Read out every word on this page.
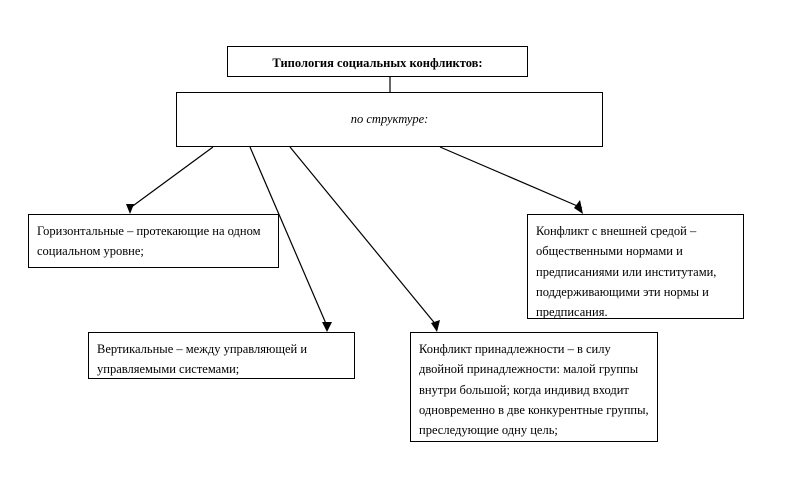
Типология социальных конфликтов:
по структуре:
Горизонтальные – протекающие на одном социальном уровне;
Вертикальные – между управляющей и управляемыми системами;
Конфликт принадлежности – в силу двойной принадлежности: малой группы внутри большой; когда индивид входит одновременно в две конкурентные группы, преследующие одну цель;
Конфликт с внешней средой – общественными нормами и предписаниями или институтами, поддерживающими эти нормы и предписания.
